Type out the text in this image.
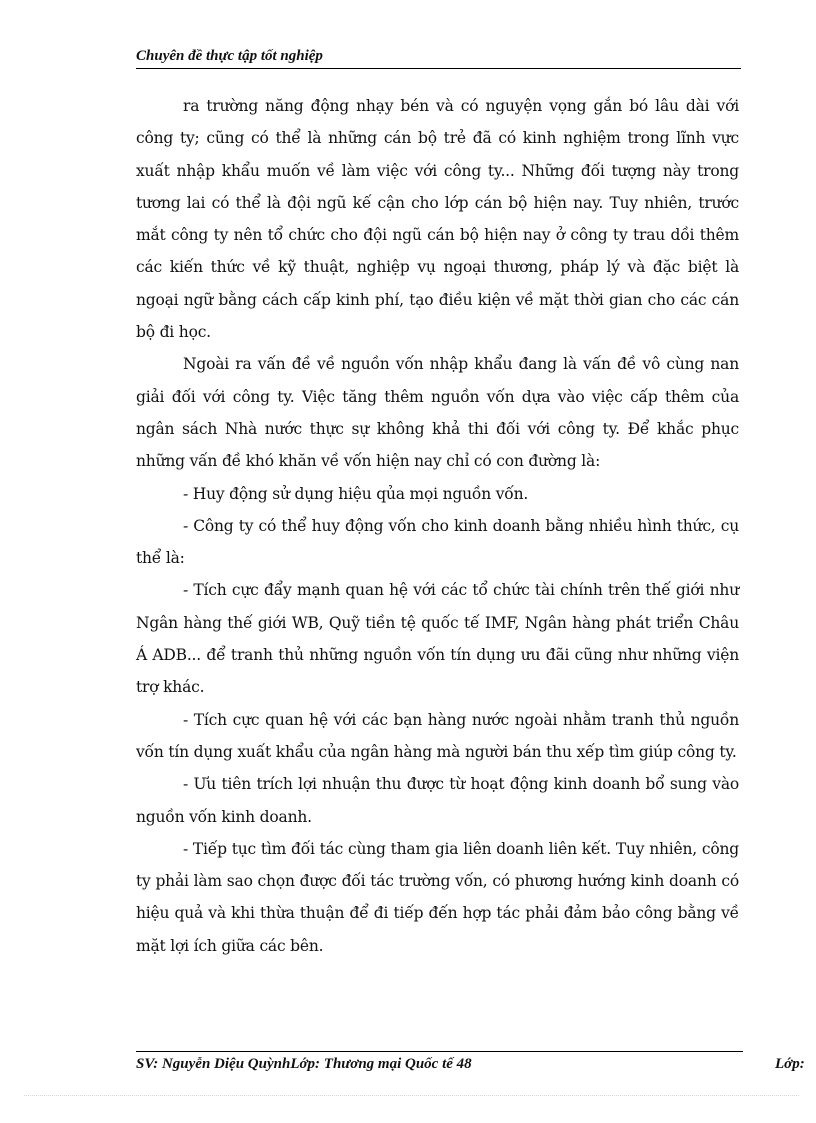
Chuyên đề thực tập tốt nghiệp

ra trường năng động nhạy bén và có nguyện vọng gắn bó lâu dài với công ty; cũng có thể là những cán bộ trẻ đã có kinh nghiệm trong lĩnh vực xuất nhập khẩu muốn về làm việc với công ty... Những đối tượng này trong tương lai có thể là đội ngũ kế cận cho lớp cán bộ hiện nay. Tuy nhiên, trước mắt công ty nên tổ chức cho đội ngũ cán bộ hiện nay ở công ty trau dồi thêm các kiến thức về kỹ thuật, nghiệp vụ ngoại thương, pháp lý và đặc biệt là ngoại ngữ bằng cách cấp kinh phí, tạo điều kiện về mặt thời gian cho các cán bộ đi học.

Ngoài ra vấn đề về nguồn vốn nhập khẩu đang là vấn đề vô cùng nan giải đối với công ty. Việc tăng thêm nguồn vốn dựa vào việc cấp thêm của ngân sách Nhà nước thực sự không khả thi đối với công ty. Để khắc phục những vấn đề khó khăn về vốn hiện nay chỉ có con đường là:

- Huy động sử dụng hiệu qủa mọi nguồn vốn.

- Công ty có thể huy động vốn cho kinh doanh bằng nhiều hình thức, cụ thể là:

- Tích cực đẩy mạnh quan hệ với các tổ chức tài chính trên thế giới như Ngân hàng thế giới WB, Quỹ tiền tệ quốc tế IMF, Ngân hàng phát triển Châu Á ADB... để tranh thủ những nguồn vốn tín dụng ưu đãi cũng như những viện trợ khác.

- Tích cực quan hệ với các bạn hàng nước ngoài nhằm tranh thủ nguồn vốn tín dụng xuất khẩu của ngân hàng mà người bán thu xếp tìm giúp công ty.

- Ưu tiên trích lợi nhuận thu được từ hoạt động kinh doanh bổ sung vào nguồn vốn kinh doanh.

- Tiếp tục tìm đối tác cùng tham gia liên doanh liên kết. Tuy nhiên, công ty phải làm sao chọn được đối tác trường vốn, có phương hướng kinh doanh có hiệu quả và khi thừa thuận để đi tiếp đến hợp tác phải đảm bảo công bằng về mặt lợi ích giữa các bên.

SV: Nguyễn Diệu QuỳnhLớp: Thương mại Quốc tế 48	Lớp:
